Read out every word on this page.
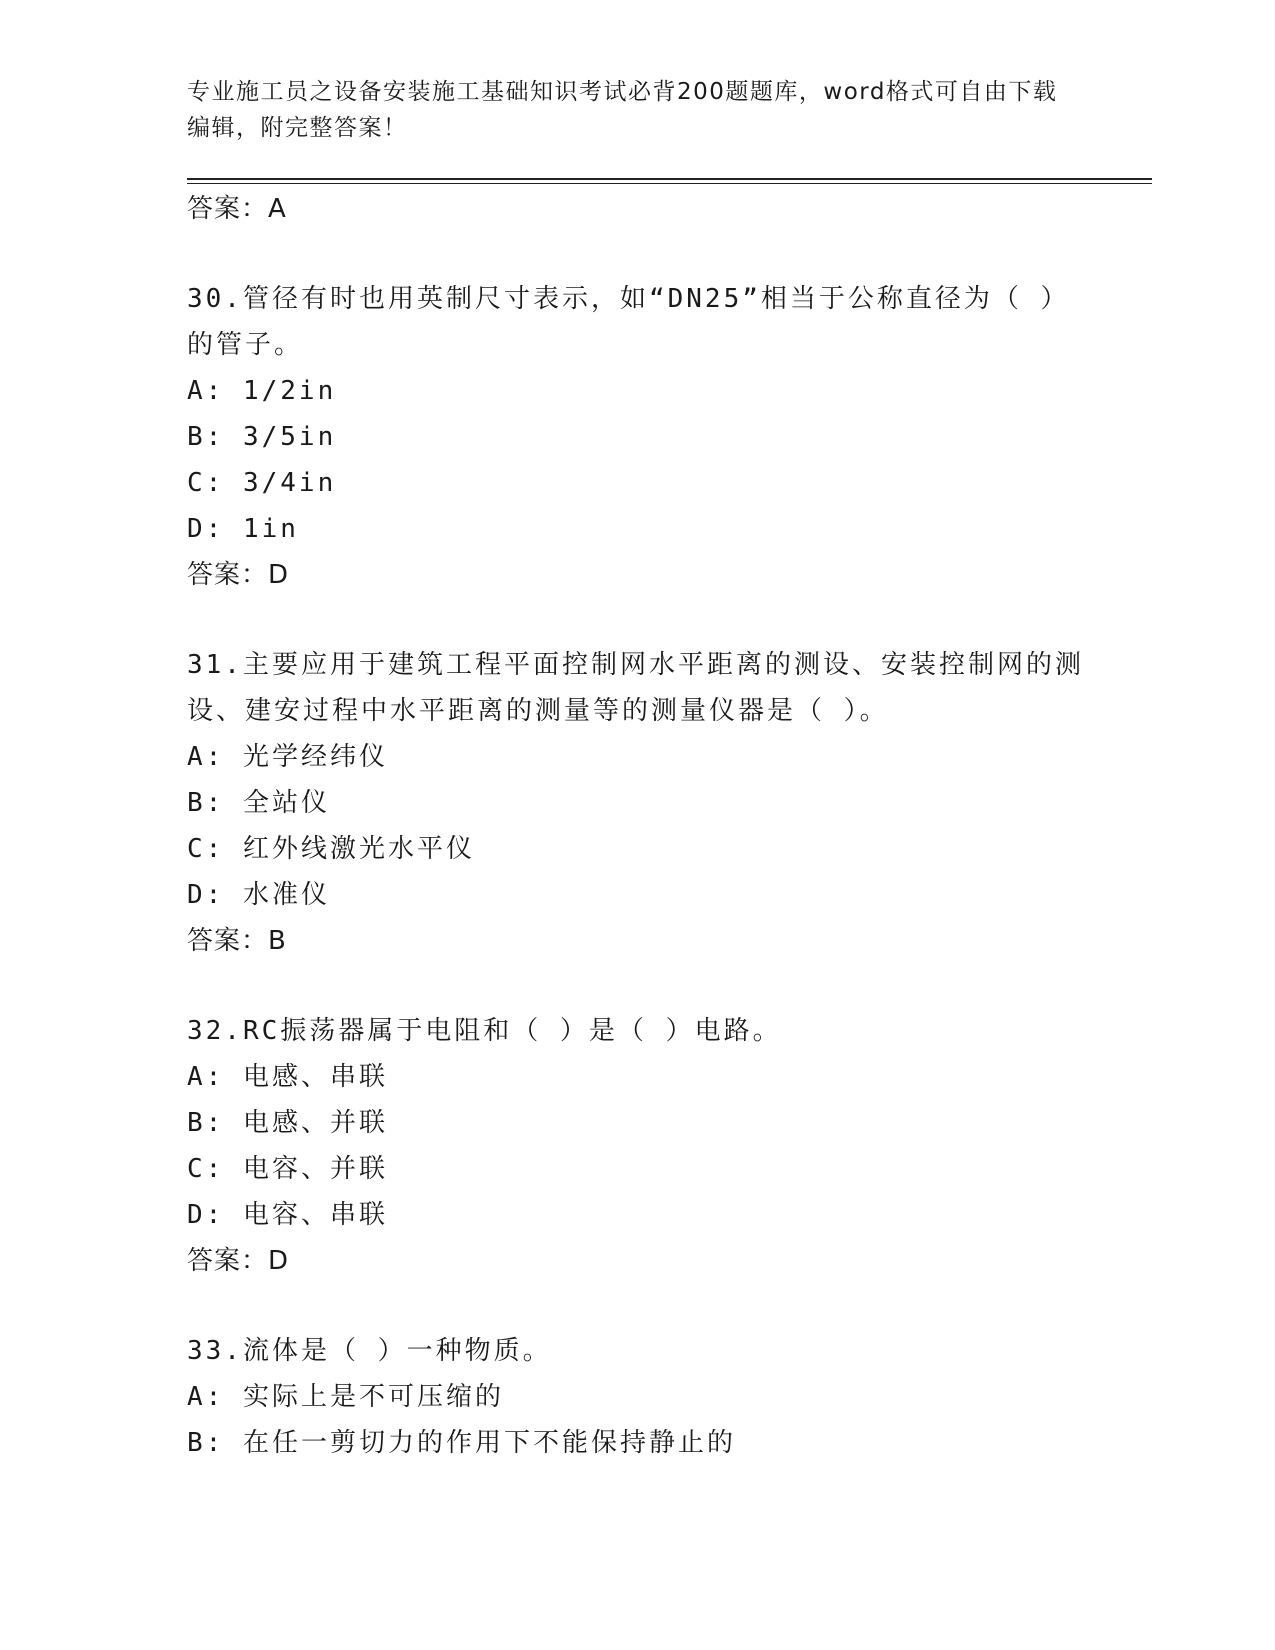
专业施工员之设备安装施工基础知识考试必背200题题库，word格式可自由下载
编辑，附完整答案！
答案：A
30.管径有时也用英制尺寸表示，如“DN25”相当于公称直径为（ ）
的管子。
A: 1/2in
B: 3/5in
C: 3/4in
D: 1in
答案：D
31.主要应用于建筑工程平面控制网水平距离的测设、安装控制网的测
设、建安过程中水平距离的测量等的测量仪器是（ ）。
A: 光学经纬仪
B: 全站仪
C: 红外线激光水平仪
D: 水准仪
答案：B
32.RC振荡器属于电阻和（ ）是（ ）电路。
A: 电感、串联
B: 电感、并联
C: 电容、并联
D: 电容、串联
答案：D
33.流体是（ ）一种物质。
A: 实际上是不可压缩的
B: 在任一剪切力的作用下不能保持静止的
